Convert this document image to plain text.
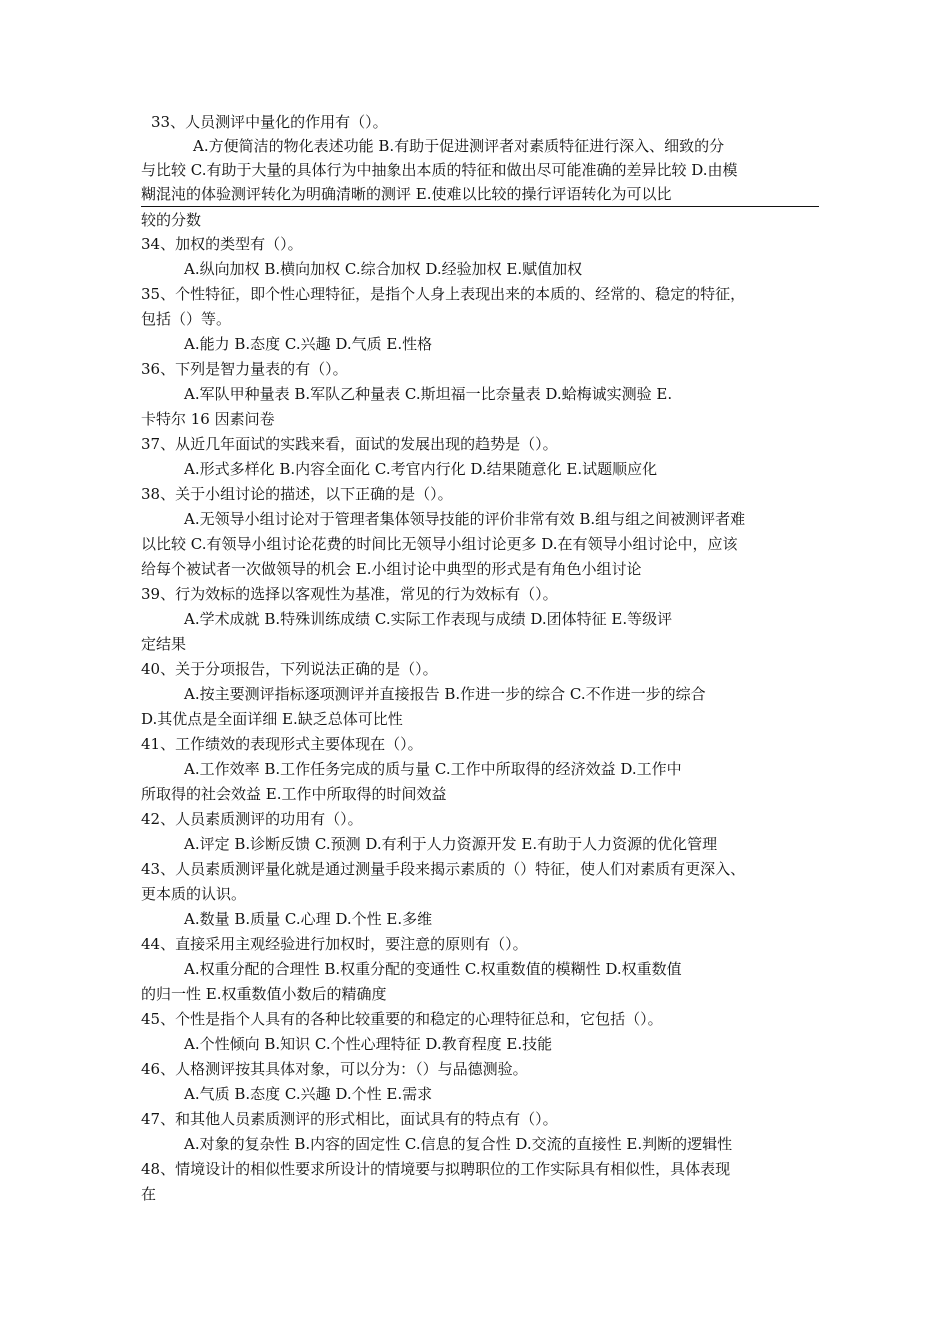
33、人员测评中量化的作用有（）。
A.方便简洁的物化表述功能 B.有助于促进测评者对素质特征进行深入、细致的分
与比较 C.有助于大量的具体行为中抽象出本质的特征和做出尽可能准确的差异比较 D.由模
糊混沌的体验测评转化为明确清晰的测评 E.使难以比较的操行评语转化为可以比
较的分数
34、加权的类型有（）。
A.纵向加权 B.横向加权 C.综合加权 D.经验加权 E.赋值加权
35、个性特征，即个性心理特征，是指个人身上表现出来的本质的、经常的、稳定的特征，
包括（）等。
A.能力 B.态度 C.兴趣 D.气质 E.性格
36、下列是智力量表的有（）。
A.军队甲种量表 B.军队乙种量表 C.斯坦福一比奈量表 D.蛤梅诚实测验 E.
卡特尔 16 因素问卷
37、从近几年面试的实践来看，面试的发展出现的趋势是（）。
A.形式多样化 B.内容全面化 C.考官内行化 D.结果随意化 E.试题顺应化
38、关于小组讨论的描述，以下正确的是（）。
A.无领导小组讨论对于管理者集体领导技能的评价非常有效 B.组与组之间被测评者难
以比较 C.有领导小组讨论花费的时间比无领导小组讨论更多 D.在有领导小组讨论中，应该
给每个被试者一次做领导的机会 E.小组讨论中典型的形式是有角色小组讨论
39、行为效标的选择以客观性为基准，常见的行为效标有（）。
A.学术成就 B.特殊训练成绩 C.实际工作表现与成绩 D.团体特征 E.等级评
定结果
40、关于分项报告，下列说法正确的是（）。
A.按主要测评指标逐项测评并直接报告 B.作进一步的综合 C.不作进一步的综合
D.其优点是全面详细 E.缺乏总体可比性
41、工作绩效的表现形式主要体现在（）。
A.工作效率 B.工作任务完成的质与量 C.工作中所取得的经济效益 D.工作中
所取得的社会效益 E.工作中所取得的时间效益
42、人员素质测评的功用有（）。
A.评定 B.诊断反馈 C.预测 D.有利于人力资源开发 E.有助于人力资源的优化管理
43、人员素质测评量化就是通过测量手段来揭示素质的（）特征，使人们对素质有更深入、
更本质的认识。
A.数量 B.质量 C.心理 D.个性 E.多维
44、直接采用主观经验进行加权时，要注意的原则有（）。
A.权重分配的合理性 B.权重分配的变通性 C.权重数值的模糊性 D.权重数值
的归一性 E.权重数值小数后的精确度
45、个性是指个人具有的各种比较重要的和稳定的心理特征总和，它包括（）。
A.个性倾向 B.知识 C.个性心理特征 D.教育程度 E.技能
46、人格测评按其具体对象，可以分为：（）与品德测验。
A.气质 B.态度 C.兴趣 D.个性 E.需求
47、和其他人员素质测评的形式相比，面试具有的特点有（）。
A.对象的复杂性 B.内容的固定性 C.信息的复合性 D.交流的直接性 E.判断的逻辑性
48、情境设计的相似性要求所设计的情境要与拟聘职位的工作实际具有相似性，具体表现
在
